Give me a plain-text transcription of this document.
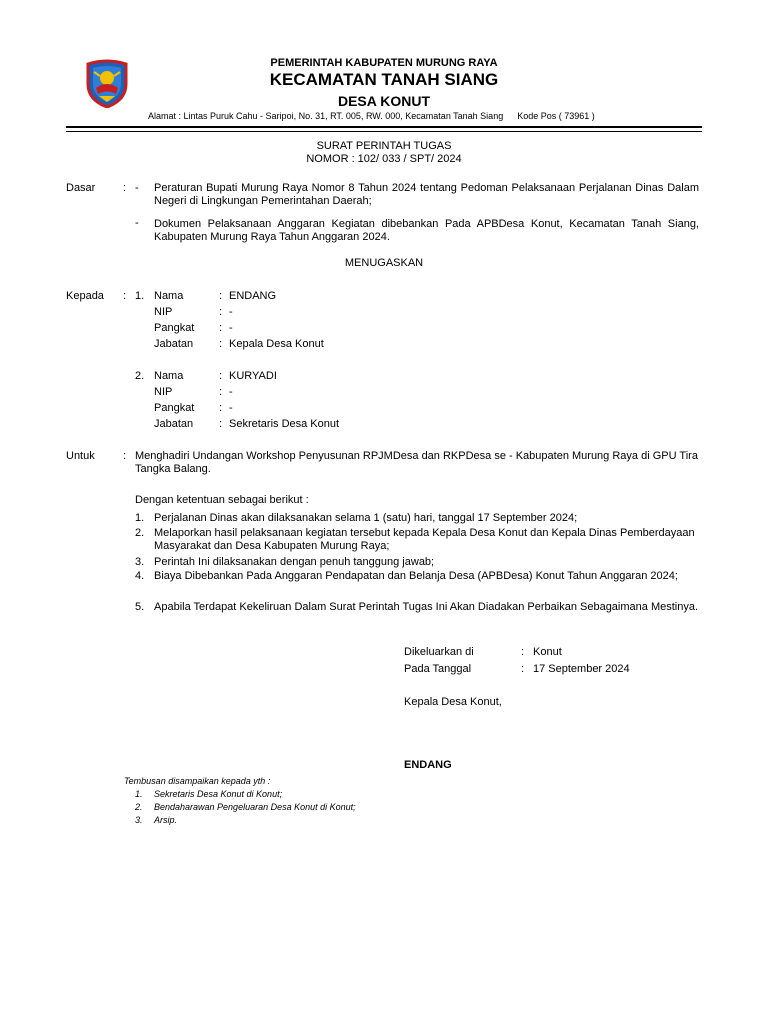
PEMERINTAH KABUPATEN MURUNG RAYA
KECAMATAN TANAH SIANG
DESA KONUT
Alamat : Lintas Puruk Cahu - Saripoi, No. 31, RT. 005, RW. 000, Kecamatan Tanah Siang Kode Pos ( 73961 )
SURAT PERINTAH TUGAS
NOMOR : 102/ 033 / SPT/ 2024
Dasar	: - Peraturan Bupati Murung Raya Nomor 8 Tahun 2024 tentang Pedoman Pelaksanaan Perjalanan Dinas Dalam Negeri di Lingkungan Pemerintahan Daerah;
- Dokumen Pelaksanaan Anggaran Kegiatan dibebankan Pada APBDesa Konut, Kecamatan Tanah Siang, Kabupaten Murung Raya Tahun Anggaran 2024.
MENUGASKAN
Kepada : 1. Nama	: ENDANG
NIP	: -
Pangkat : -
Jabatan : Kepala Desa Konut
2. Nama	: KURYADI
NIP	: -
Pangkat : -
Jabatan : Sekretaris Desa Konut
Untuk	: Menghadiri Undangan Workshop Penyusunan RPJMDesa dan RKPDesa se - Kabupaten Murung Raya di GPU Tira Tangka Balang.
Dengan ketentuan sebagai berikut :
1. Perjalanan Dinas akan dilaksanakan selama 1 (satu) hari, tanggal 17 September 2024;
2. Melaporkan hasil pelaksanaan kegiatan tersebut kepada Kepala Desa Konut dan Kepala Dinas Pemberdayaan Masyarakat dan Desa Kabupaten Murung Raya;
3. Perintah Ini dilaksanakan dengan penuh tanggung jawab;
4. Biaya Dibebankan Pada Anggaran Pendapatan dan Belanja Desa (APBDesa) Konut Tahun Anggaran 2024;
5. Apabila Terdapat Kekeliruan Dalam Surat Perintah Tugas Ini Akan Diadakan Perbaikan Sebagaimana Mestinya.
Dikeluarkan di	: Konut
Pada Tanggal	: 17 September 2024
Kepala Desa Konut,
ENDANG
Tembusan disampaikan kepada yth :
1. Sekretaris Desa Konut di Konut;
2. Bendaharawan Pengeluaran Desa Konut di Konut;
3. Arsip.
